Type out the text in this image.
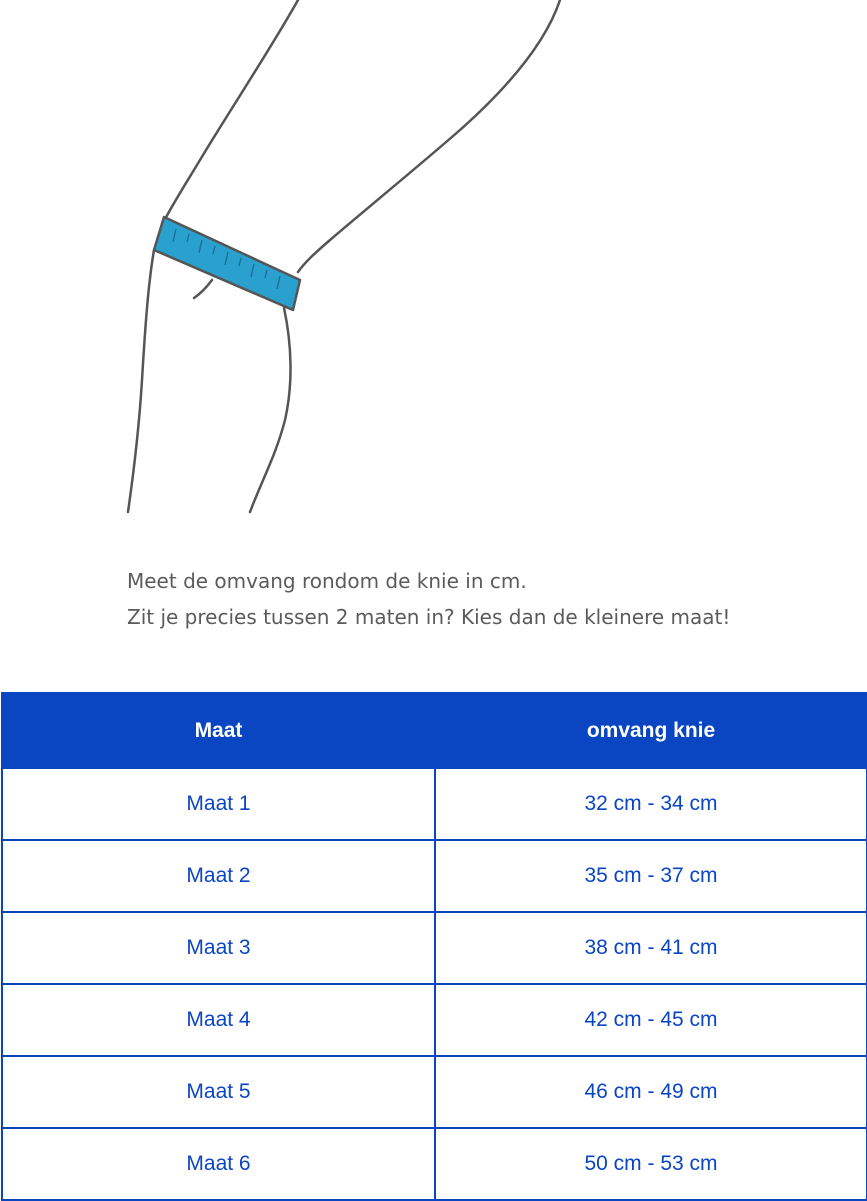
Meet de omvang rondom de knie in cm.
Zit je precies tussen 2 maten in? Kies dan de kleinere maat!
Maat	omvang knie
Maat 1	32 cm - 34 cm
Maat 2	35 cm - 37 cm
Maat 3	38 cm - 41 cm
Maat 4	42 cm - 45 cm
Maat 5	46 cm - 49 cm
Maat 6	50 cm - 53 cm
